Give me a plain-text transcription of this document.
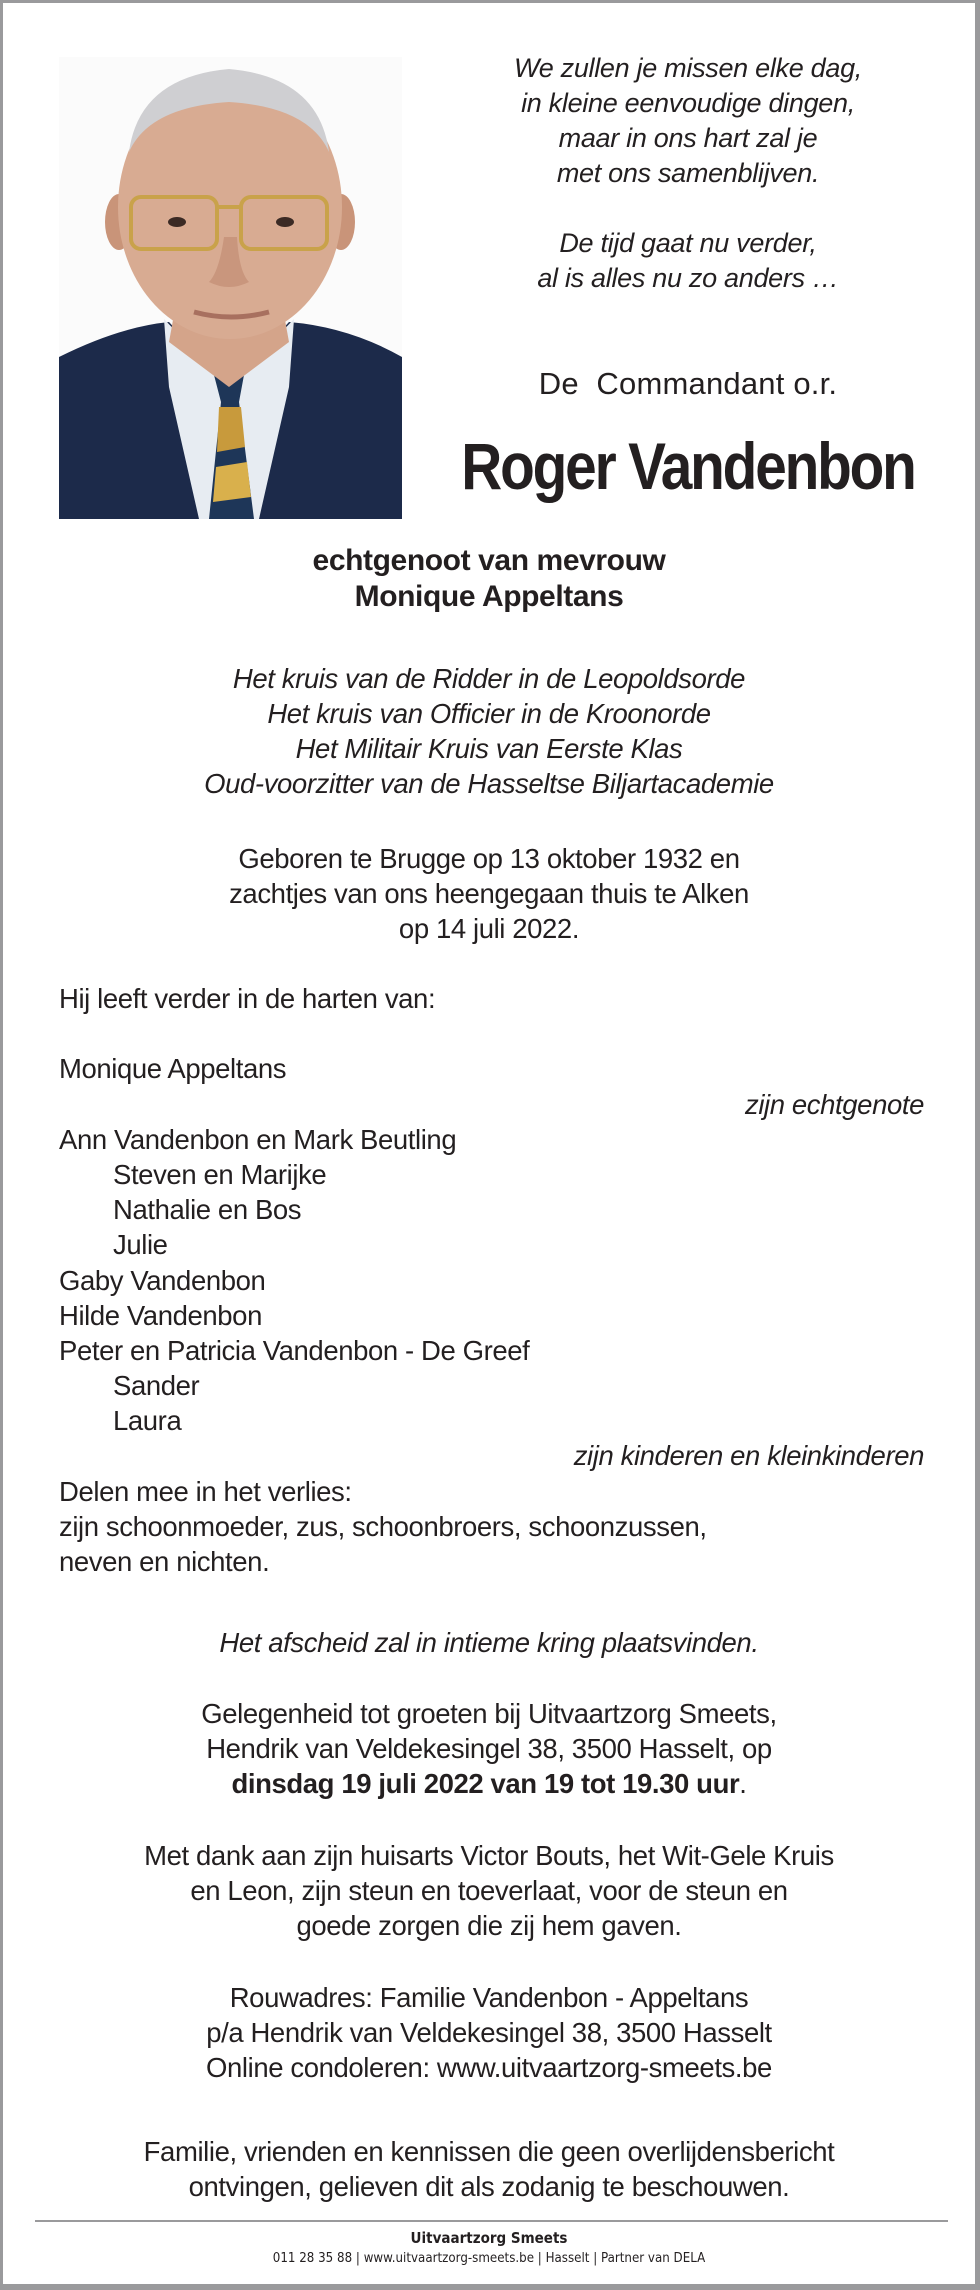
We zullen je missen elke dag,
in kleine eenvoudige dingen,
maar in ons hart zal je
met ons samenblijven.
De tijd gaat nu verder,
al is alles nu zo anders …
De  Commandant o.r.
Roger Vandenbon
echtgenoot van mevrouw
Monique Appeltans
Het kruis van de Ridder in de Leopoldsorde
Het kruis van Officier in de Kroonorde
Het Militair Kruis van Eerste Klas
Oud-voorzitter van de Hasseltse Biljartacademie
Geboren te Brugge op 13 oktober 1932 en
zachtjes van ons heengegaan thuis te Alken
op 14 juli 2022.
Hij leeft verder in de harten van:
Monique Appeltans
zijn echtgenote
Ann Vandenbon en Mark Beutling
Steven en Marijke
Nathalie en Bos
Julie
Gaby Vandenbon
Hilde Vandenbon
Peter en Patricia Vandenbon - De Greef
Sander
Laura
zijn kinderen en kleinkinderen
Delen mee in het verlies:
zijn schoonmoeder, zus, schoonbroers, schoonzussen,
neven en nichten.
Het afscheid zal in intieme kring plaatsvinden.
Gelegenheid tot groeten bij Uitvaartzorg Smeets,
Hendrik van Veldekesingel 38, 3500 Hasselt, op
dinsdag 19 juli 2022 van 19 tot 19.30 uur.
Met dank aan zijn huisarts Victor Bouts, het Wit-Gele Kruis
en Leon, zijn steun en toeverlaat, voor de steun en
goede zorgen die zij hem gaven.
Rouwadres: Familie Vandenbon - Appeltans
p/a Hendrik van Veldekesingel 38, 3500 Hasselt
Online condoleren: www.uitvaartzorg-smeets.be
Familie, vrienden en kennissen die geen overlijdensbericht
ontvingen, gelieven dit als zodanig te beschouwen.
Uitvaartzorg Smeets
011 28 35 88 | www.uitvaartzorg-smeets.be | Hasselt | Partner van DELA
